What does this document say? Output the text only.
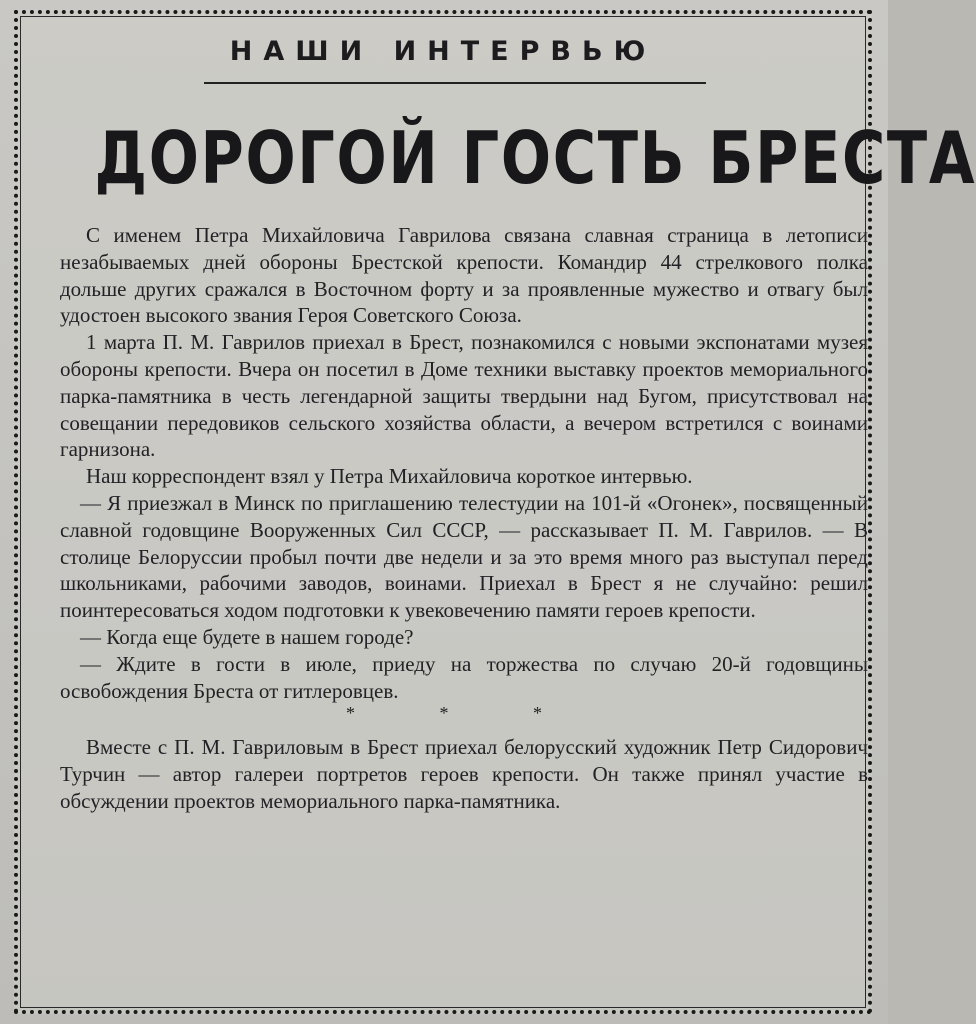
НАШИ ИНТЕРВЬЮ
ДОРОГОЙ ГОСТЬ БРЕСТА

С именем Петра Михайловича Гаврилова связана славная страница в летописи незабываемых дней обороны Брестской крепости. Командир 44 стрелкового полка дольше других сражался в Восточном форту и за проявленные мужество и отвагу был удостоен высокого звания Героя Советского Союза.

1 марта П. М. Гаврилов приехал в Брест, познакомился с новыми экспонатами музея обороны крепости. Вчера он посетил в Доме техники выставку проектов мемориального парка-памятника в честь легендарной защиты твердыни над Бугом, присутствовал на совещании передовиков сельского хозяйства области, а вечером встретился с воинами гарнизона.

Наш корреспондент взял у Петра Михайловича короткое интервью.

— Я приезжал в Минск по приглашению телестудии на 101-й «Огонек», посвященный славной годовщине Вооруженных Сил СССР, — рассказывает П. М. Гаврилов. — В столице Белоруссии пробыл почти две недели и за это время много раз выступал перед школьниками, рабочими заводов, воинами. Приехал в Брест я не случайно: решил поинтересоваться ходом подготовки к увековечению памяти героев крепости.

— Когда еще будете в нашем городе?

— Ждите в гости в июле, приеду на торжества по случаю 20-й годовщины освобождения Бреста от гитлеровцев.

* * *

Вместе с П. М. Гавриловым в Брест приехал белорусский художник Петр Сидорович Турчин — автор галереи портретов героев крепости. Он также принял участие в обсуждении проектов мемориального парка-памятника.
